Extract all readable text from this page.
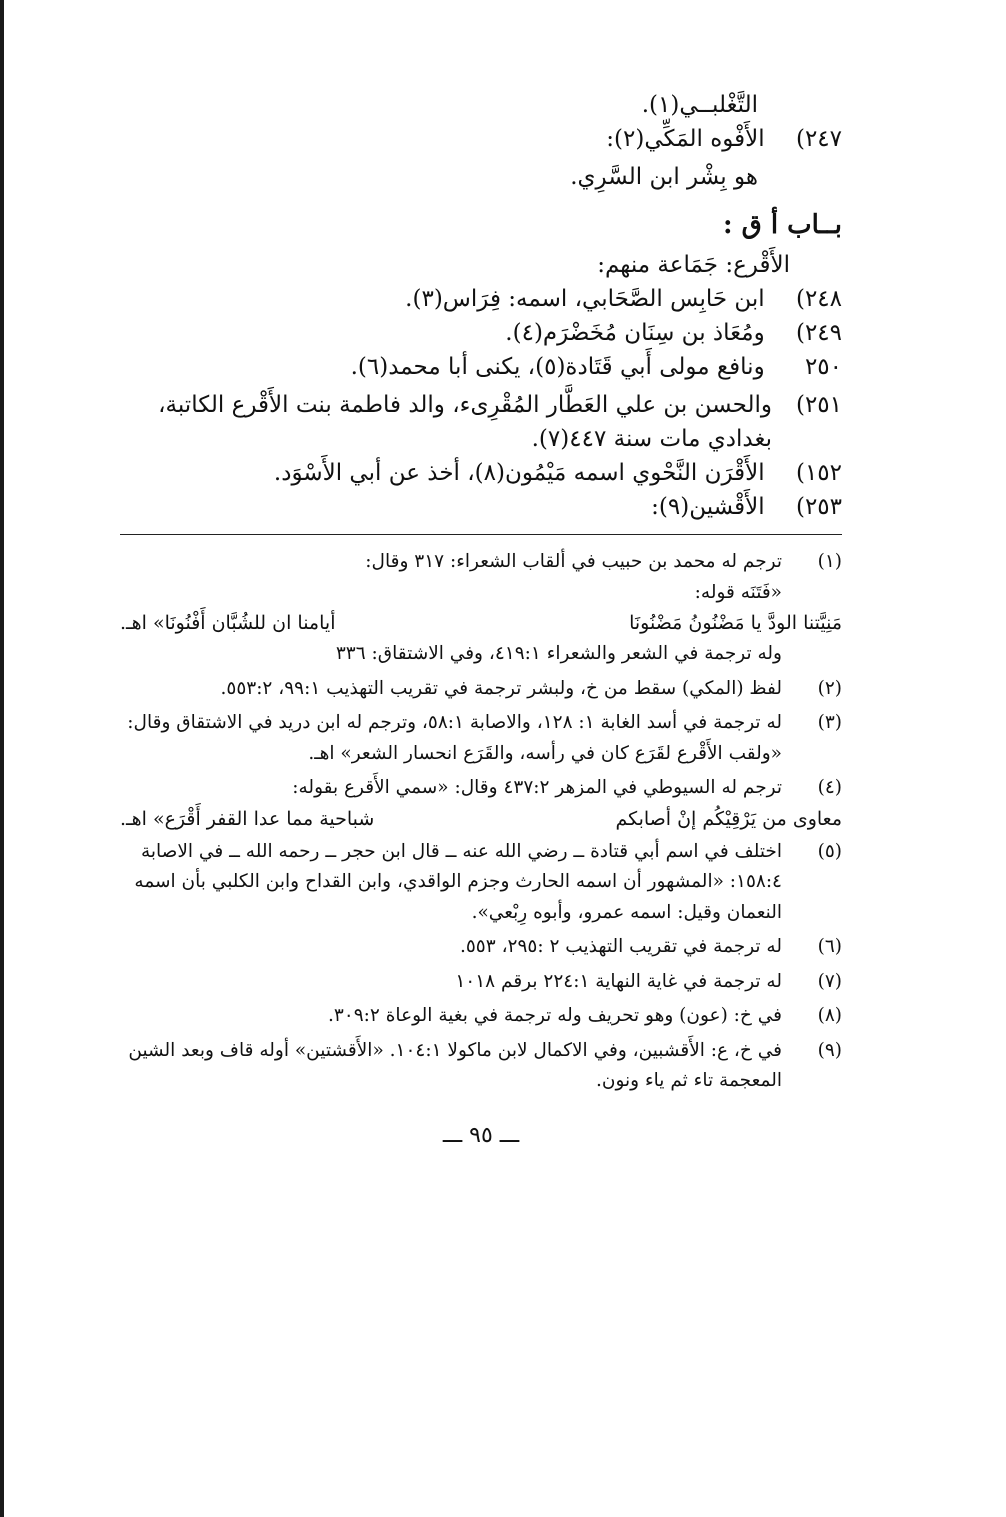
التَّغْلبــي(١).
٢٤٧) الأَفْوه المَكِّي(٢):
هو بِشْر ابن السَّرِي.
بــاب أ ق :
الأَقْرع: جَمَاعة منهم:
٢٤٨) ابن حَابِس الصَّحَابي، اسمه: فِرَاس(٣).
٢٤٩) ومُعَاذ بن سِنَان مُخَضْرَم(٤).
٢٥٠ ونافع مولى أَبي قَتَادة(٥)، يكنى أبا محمد(٦).
٢٥١)
والحسن بن علي العَطَّار المُقْرِىء، والد فاطمة بنت الأَقْرع الكاتبة، بغدادي مات سنة ٤٤٧(٧).
١٥٢) الأَقْرَن النَّحْوي اسمه مَيْمُون(٨)، أخذ عن أبي الأَسْوَد.
٢٥٣) الأَقْشين(٩):
(١)
ترجم له محمد بن حبيب في ألقاب الشعراء: ٣١٧ وقال:
«فَتَنَه قوله:
مَنِيَّتنا الودَّ يا مَضْنُونُ مَضْنُونَا
أيامنا ان للشُبَّان أَفْنُونَا» اهـ.
وله ترجمة في الشعر والشعراء ٤١٩:١، وفي الاشتقاق: ٣٣٦
(٢)
لفظ (المكي) سقط من خ، ولبشر ترجمة في تقريب التهذيب ٩٩:١، ٥٥٣:٢.
(٣)
له ترجمة في أسد الغابة ١: ١٢٨، والاصابة ٥٨:١، وترجم له ابن دريد في الاشتقاق وقال: «ولقب الأَقْرع لقَرَع كان في رأسه، والقَرَع انحسار الشعر» اهـ.
(٤)
ترجم له السيوطي في المزهر ٤٣٧:٢ وقال: «سمي الأَقرع بقوله:
معاوى من يَرْقِيْكُم إنْ أصابكم
شباحية مما عدا القفر أَقْرَع» اهـ.
(٥)
اختلف في اسم أبي قتادة ــ رضي الله عنه ــ قال ابن حجر ــ رحمه الله ــ في الاصابة ١٥٨:٤: «المشهور أن اسمه الحارث وجزم الواقدي، وابن القداح وابن الكلبي بأن اسمه النعمان وقيل: اسمه عمرو، وأبوه رِبْعي».
(٦)
له ترجمة في تقريب التهذيب ٢ :٢٩٥، ٥٥٣.
(٧)
له ترجمة في غاية النهاية ٢٢٤:١ برقم ١٠١٨
(٨)
في خ: (عون) وهو تحريف وله ترجمة في بغية الوعاة ٣٠٩:٢.
(٩)
في خ، ع: الأَقشبين، وفي الاكمال لابن ماكولا ١٠٤:١. «الأَقشتين» أوله قاف وبعد الشين المعجمة تاء ثم ياء ونون.
ـــ ٩٥ ـــ
